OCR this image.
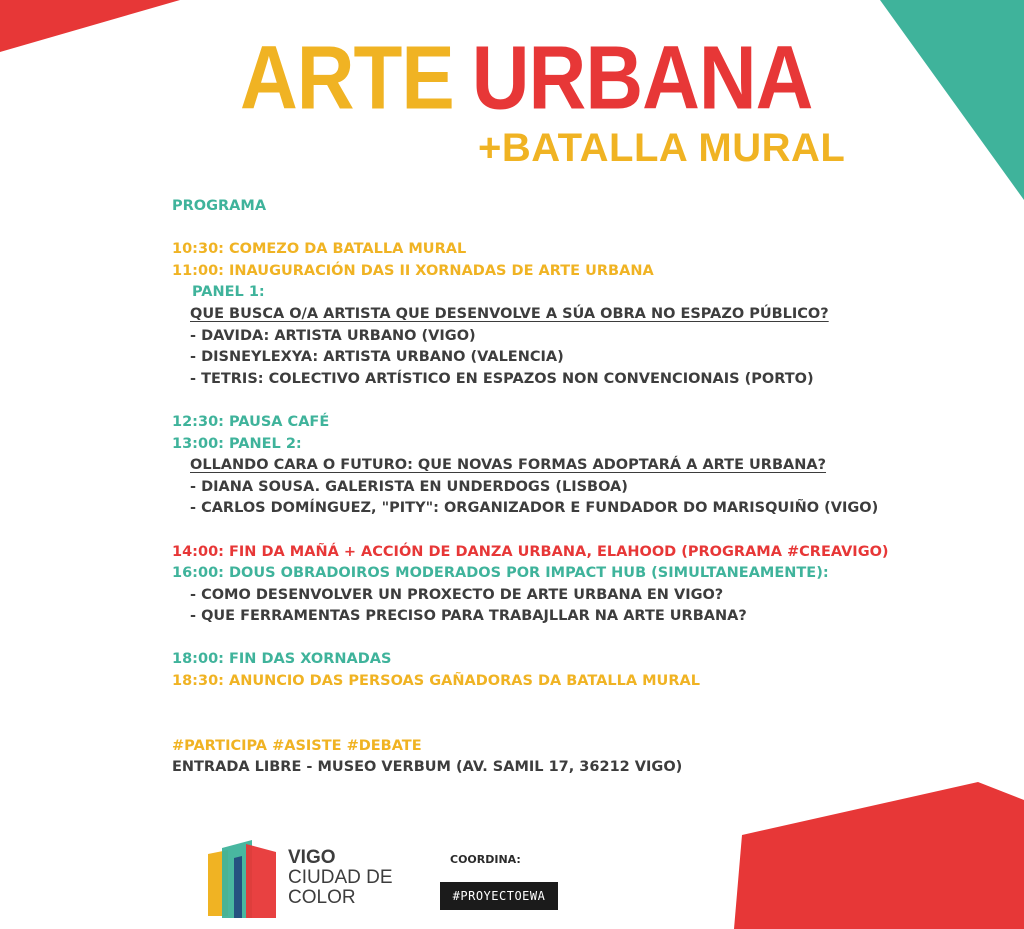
ARTE URBANA
+BATALLA MURAL
PROGRAMA
10:30: COMEZO DA BATALLA MURAL
11:00: INAUGURACIÓN DAS II XORNADAS DE ARTE URBANA
PANEL 1:
QUE BUSCA O/A ARTISTA QUE DESENVOLVE A SÚA OBRA NO ESPAZO PÚBLICO?
- DAVIDA: ARTISTA URBANO (VIGO)
- DISNEYLEXYA: ARTISTA URBANO (VALENCIA)
- TETRIS: COLECTIVO ARTÍSTICO EN ESPAZOS NON CONVENCIONAIS (PORTO)
12:30: PAUSA CAFÉ
13:00: PANEL 2:
OLLANDO CARA O FUTURO: QUE NOVAS FORMAS ADOPTARÁ A ARTE URBANA?
- DIANA SOUSA. GALERISTA EN UNDERDOGS (LISBOA)
- CARLOS DOMÍNGUEZ, "PITY": ORGANIZADOR E FUNDADOR DO MARISQUIÑO (VIGO)
14:00: FIN DA MAÑÁ + ACCIÓN DE DANZA URBANA, ELAHOOD (PROGRAMA #CREAVIGO)
16:00: DOUS OBRADOIROS MODERADOS POR IMPACT HUB (SIMULTANEAMENTE):
- COMO DESENVOLVER UN PROXECTO DE ARTE URBANA EN VIGO?
- QUE FERRAMENTAS PRECISO PARA TRABAJLLAR NA ARTE URBANA?
18:00: FIN DAS XORNADAS
18:30: ANUNCIO DAS PERSOAS GAÑADORAS DA BATALLA MURAL
#PARTICIPA #ASISTE #DEBATE
ENTRADA LIBRE - MUSEO VERBUM (AV. SAMIL 17, 36212 VIGO)
VIGO
CIUDAD DE
COLOR
COORDINA:
#PROYECTOEWA
